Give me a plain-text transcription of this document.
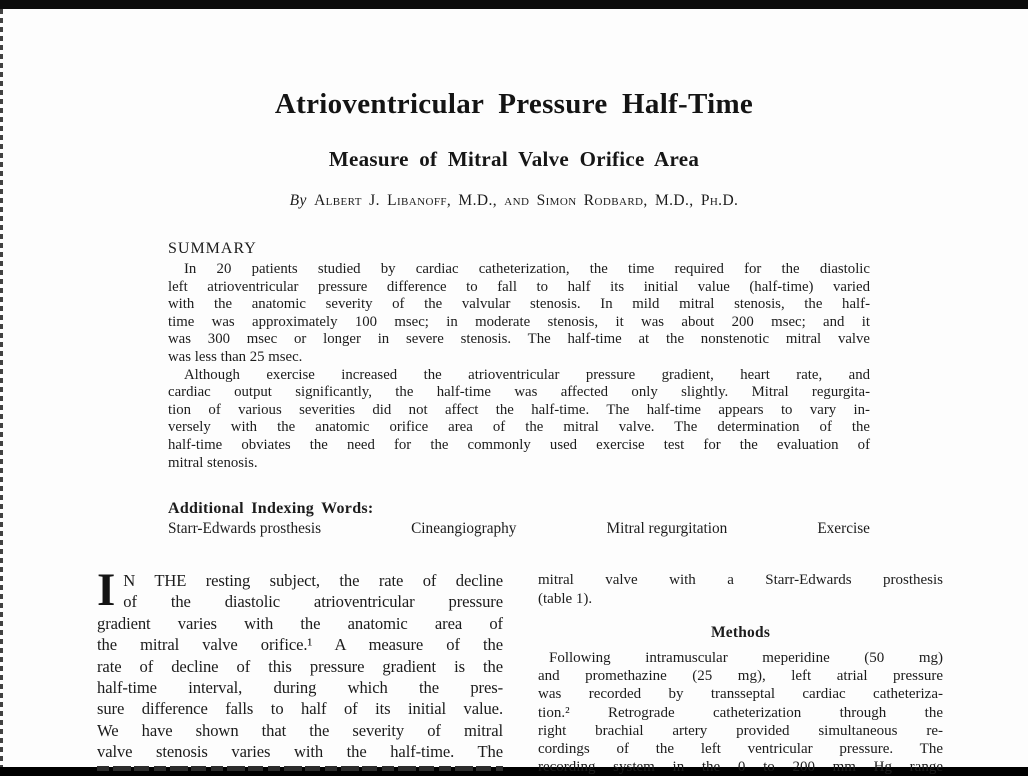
Atrioventricular Pressure Half-Time
Measure of Mitral Valve Orifice Area
By Albert J. Libanoff, M.D., and Simon Rodbard, M.D., Ph.D.
SUMMARY
In 20 patients studied by cardiac catheterization, the time required for the diastolic
left atrioventricular pressure difference to fall to half its initial value (half-time) varied
with the anatomic severity of the valvular stenosis. In mild mitral stenosis, the half-
time was approximately 100 msec; in moderate stenosis, it was about 200 msec; and it
was 300 msec or longer in severe stenosis. The half-time at the nonstenotic mitral valve
was less than 25 msec.
Although exercise increased the atrioventricular pressure gradient, heart rate, and
cardiac output significantly, the half-time was affected only slightly. Mitral regurgita-
tion of various severities did not affect the half-time. The half-time appears to vary in-
versely with the anatomic orifice area of the mitral valve. The determination of the
half-time obviates the need for the commonly used exercise test for the evaluation of
mitral stenosis.
Additional Indexing Words:
Starr-Edwards prosthesis	Cineangiography	Mitral regurgitation	Exercise
I N THE resting subject, the rate of decline
of the diastolic atrioventricular pressure
gradient varies with the anatomic area of
the mitral valve orifice.¹ A measure of the
rate of decline of this pressure gradient is the
half-time interval, during which the pres-
sure difference falls to half of its initial value.
We have shown that the severity of mitral
valve stenosis varies with the half-time. The
mitral valve with a Starr-Edwards prosthesis
(table 1).
Methods
Following intramuscular meperidine (50 mg)
and promethazine (25 mg), left atrial pressure
was recorded by transseptal cardiac catheteriza-
tion.² Retrograde catheterization through the
right brachial artery provided simultaneous re-
cordings of the left ventricular pressure. The
recording system in the 0 to 200 mm Hg range
